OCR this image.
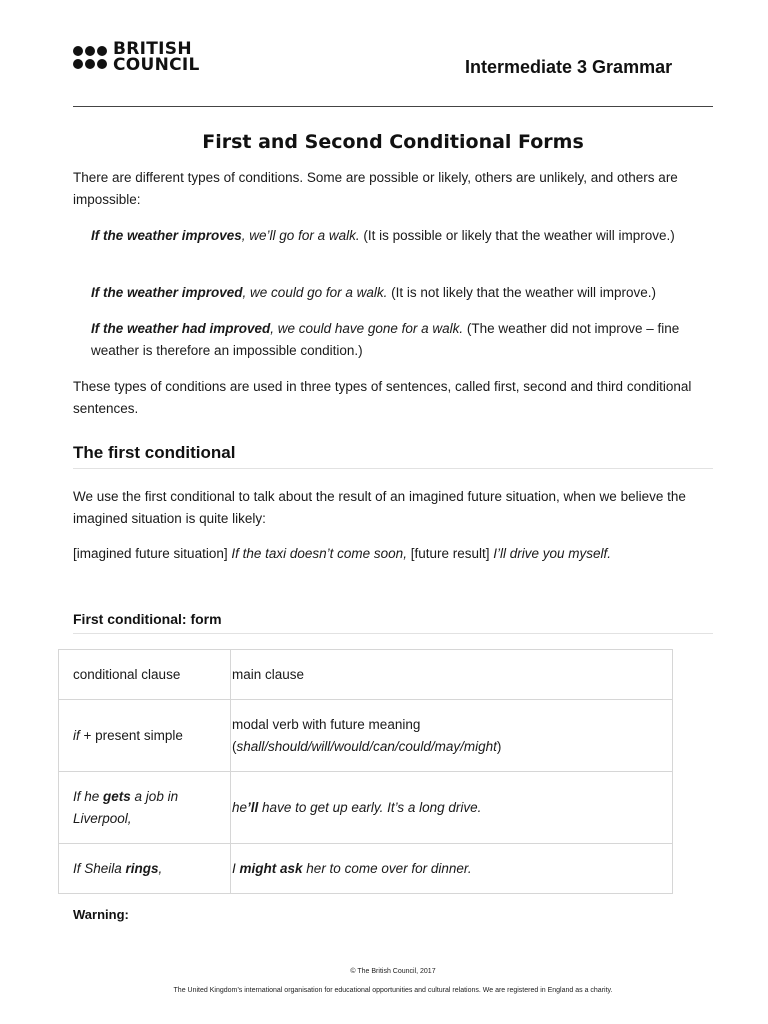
BRITISH
COUNCIL	Intermediate 3 Grammar
First and Second Conditional Forms
There are different types of conditions. Some are possible or likely, others are unlikely, and others are impossible:
If the weather improves, we’ll go for a walk. (It is possible or likely that the weather will improve.)
If the weather improved, we could go for a walk. (It is not likely that the weather will improve.)
If the weather had improved, we could have gone for a walk. (The weather did not improve – fine weather is therefore an impossible condition.)
These types of conditions are used in three types of sentences, called first, second and third conditional sentences.
The first conditional
We use the first conditional to talk about the result of an imagined future situation, when we believe the imagined situation is quite likely:
[imagined future situation] If the taxi doesn’t come soon, [future result] I’ll drive you myself.
First conditional: form
conditional clause	main clause
if + present simple	modal verb with future meaning
(shall/should/will/would/can/could/may/might)

If he gets a job in Liverpool,	he’ll have to get up early. It’s a long drive.
If Sheila rings,	I might ask her to come over for dinner.
Warning:
© The British Council, 2017
The United Kingdom’s international organisation for educational opportunities and cultural relations. We are registered in England as a charity.
